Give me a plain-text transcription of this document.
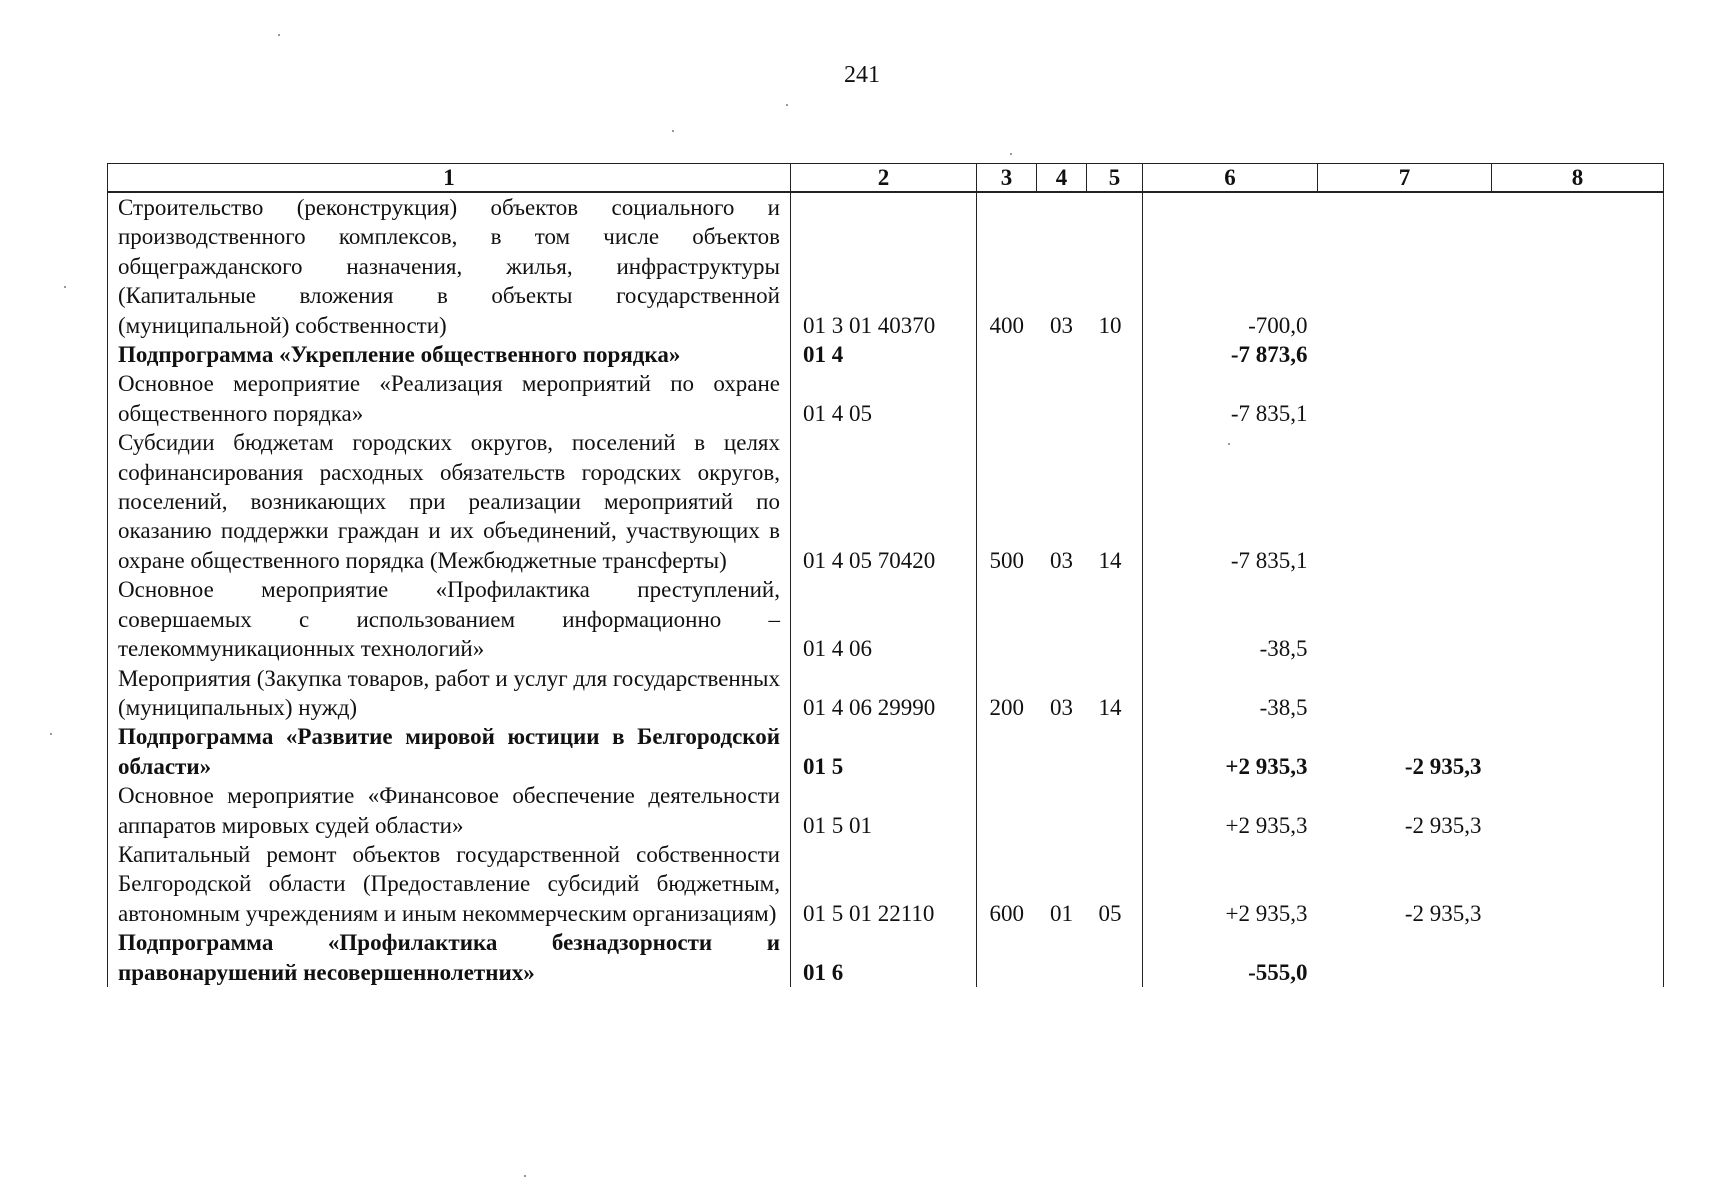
241
1	2	3	4	5	6	7	8
Строительство (реконструкция) объектов социального и производственного комплексов, в том числе объектов общегражданского назначения, жилья, инфраструктуры (Капитальные вложения в объекты государственной (муниципальной) собственности)	01 3 01 40370	400	03	10	-700,0		
Подпрограмма «Укрепление общественного порядка»	01 4				-7 873,6		
Основное мероприятие «Реализация мероприятий по охране общественного порядка»	01 4 05				-7 835,1		
Субсидии бюджетам городских округов, поселений в целях софинансирования расходных обязательств городских округов, поселений, возникающих при реализации мероприятий по оказанию поддержки граждан и их объединений, участвующих в охране общественного порядка (Межбюджетные трансферты)	01 4 05 70420	500	03	14	-7 835,1		
Основное мероприятие «Профилактика преступлений, совершаемых с использованием информационно – телекоммуникационных технологий»	01 4 06				-38,5		
Мероприятия (Закупка товаров, работ и услуг для государственных (муниципальных) нужд)	01 4 06 29990	200	03	14	-38,5		
Подпрограмма «Развитие мировой юстиции в Белгородской области»	01 5				+2 935,3	-2 935,3	
Основное мероприятие «Финансовое обеспечение деятельности аппаратов мировых судей области»	01 5 01				+2 935,3	-2 935,3	
Капитальный ремонт объектов государственной собственности Белгородской области (Предоставление субсидий бюджетным, автономным учреждениям и иным некоммерческим организациям)	01 5 01 22110	600	01	05	+2 935,3	-2 935,3	
Подпрограмма «Профилактика безнадзорности и правонарушений несовершеннолетних»	01 6				-555,0		
